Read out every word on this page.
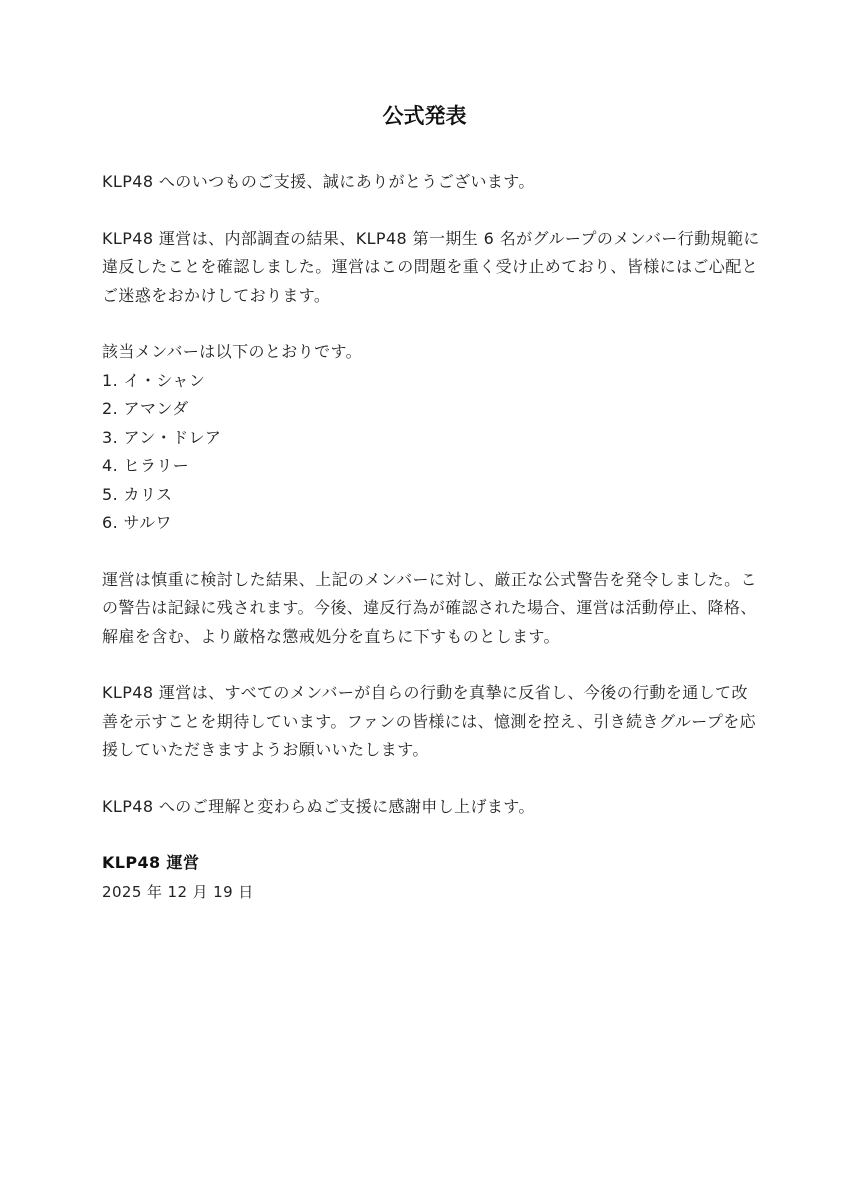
公式発表

KLP48 へのいつものご支援、誠にありがとうございます。

KLP48 運営は、内部調査の結果、KLP48 第一期生 6 名がグループのメンバー行動規範に違反したことを確認しました。運営はこの問題を重く受け止めており、皆様にはご心配とご迷惑をおかけしております。

該当メンバーは以下のとおりです。

1. イ・シャン
2. アマンダ
3. アン・ドレア
4. ヒラリー
5. カリス
6. サルワ

運営は慎重に検討した結果、上記のメンバーに対し、厳正な公式警告を発令しました。この警告は記録に残されます。今後、違反行為が確認された場合、運営は活動停止、降格、解雇を含む、より厳格な懲戒処分を直ちに下すものとします。

KLP48 運営は、すべてのメンバーが自らの行動を真摯に反省し、今後の行動を通して改善を示すことを期待しています。ファンの皆様には、憶測を控え、引き続きグループを応援していただきますようお願いいたします。

KLP48 へのご理解と変わらぬご支援に感謝申し上げます。

KLP48 運営
2025 年 12 月 19 日
